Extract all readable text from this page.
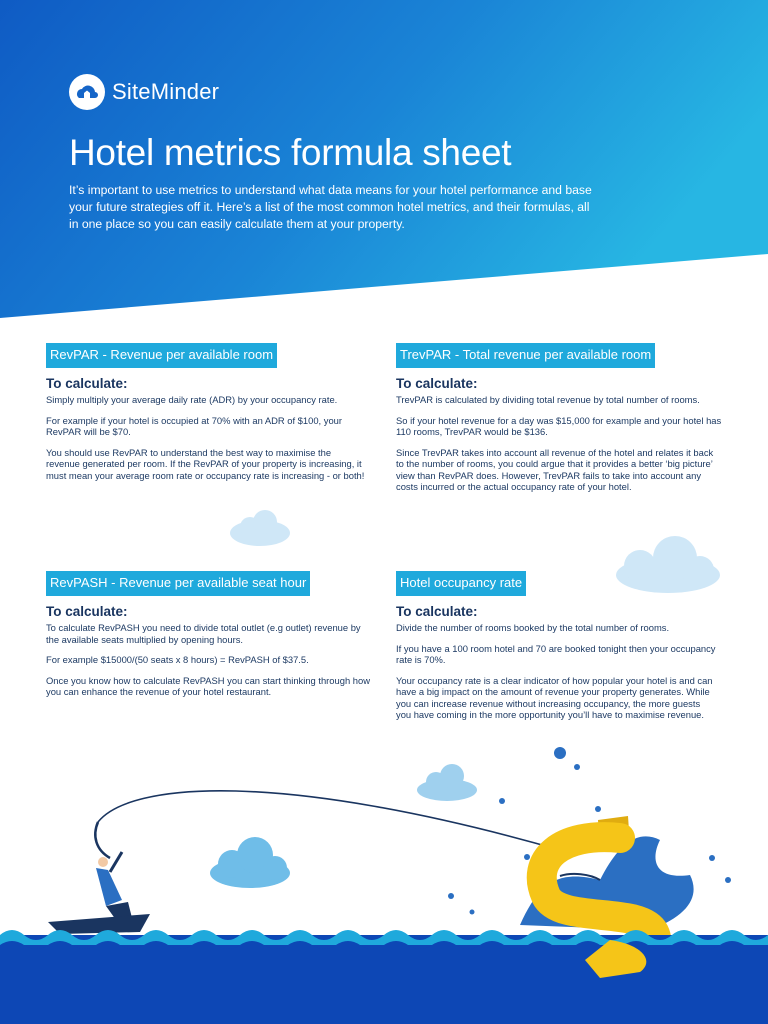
SiteMinder
Hotel metrics formula sheet

It’s important to use metrics to understand what data means for your hotel performance and base your future strategies off it. Here’s a list of the most common hotel metrics, and their formulas, all in one place so you can easily calculate them at your property.

RevPAR - Revenue per available room
To calculate:

Simply multiply your average daily rate (ADR) by your occupancy rate.

For example if your hotel is occupied at 70% with an ADR of $100, your RevPAR will be $70.

You should use RevPAR to understand the best way to maximise the revenue generated per room. If the RevPAR of your property is increasing, it must mean your average room rate or occupancy rate is increasing - or both!

TrevPAR - Total revenue per available room
To calculate:

TrevPAR is calculated by dividing total revenue by total number of rooms.

So if your hotel revenue for a day was $15,000 for example and your hotel has 110 rooms, TrevPAR would be $136.

Since TrevPAR takes into account all revenue of the hotel and relates it back to the number of rooms, you could argue that it provides a better ‘big picture’ view than RevPAR does. However, TrevPAR fails to take into account any costs incurred or the actual occupancy rate of your hotel.

RevPASH - Revenue per available seat hour
To calculate:

To calculate RevPASH you need to divide total outlet (e.g outlet) revenue by the available seats multiplied by opening hours.

For example $15000/(50 seats x 8 hours) = RevPASH of $37.5.

Once you know how to calculate RevPASH you can start thinking through how you can enhance the revenue of your hotel restaurant.

Hotel occupancy rate
To calculate:

Divide the number of rooms booked by the total number of rooms.

If you have a 100 room hotel and 70 are booked tonight then your occupancy rate is 70%.

Your occupancy rate is a clear indicator of how popular your hotel is and can have a big impact on the amount of revenue your property generates. While you can increase revenue without increasing occupancy, the more guests you have coming in the more opportunity you’ll have to maximise revenue.
